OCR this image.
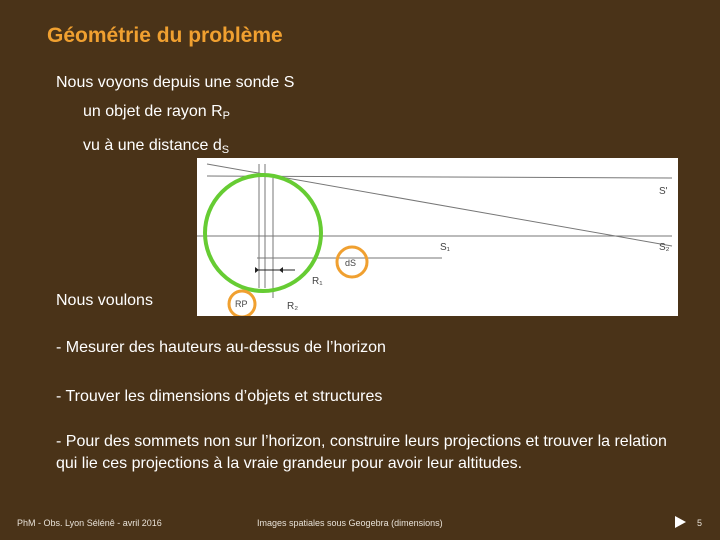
Géométrie du problème
Nous voyons depuis une sonde S
un objet de rayon $R_P$
vu à une distance $d_S$
S'
S₁	S₂
dS
R₁
RP	R₂
Nous voulons
- Mesurer des hauteurs au-dessus de l’horizon
- Trouver les dimensions d’objets et structures
- Pour des sommets non sur l’horizon, construire leurs projections et trouver la relation qui lie ces projections à la vraie grandeur pour avoir leur altitudes.
PhM - Obs. Lyon Sélénê - avril 2016	Images spatiales sous Geogebra (dimensions)	5
